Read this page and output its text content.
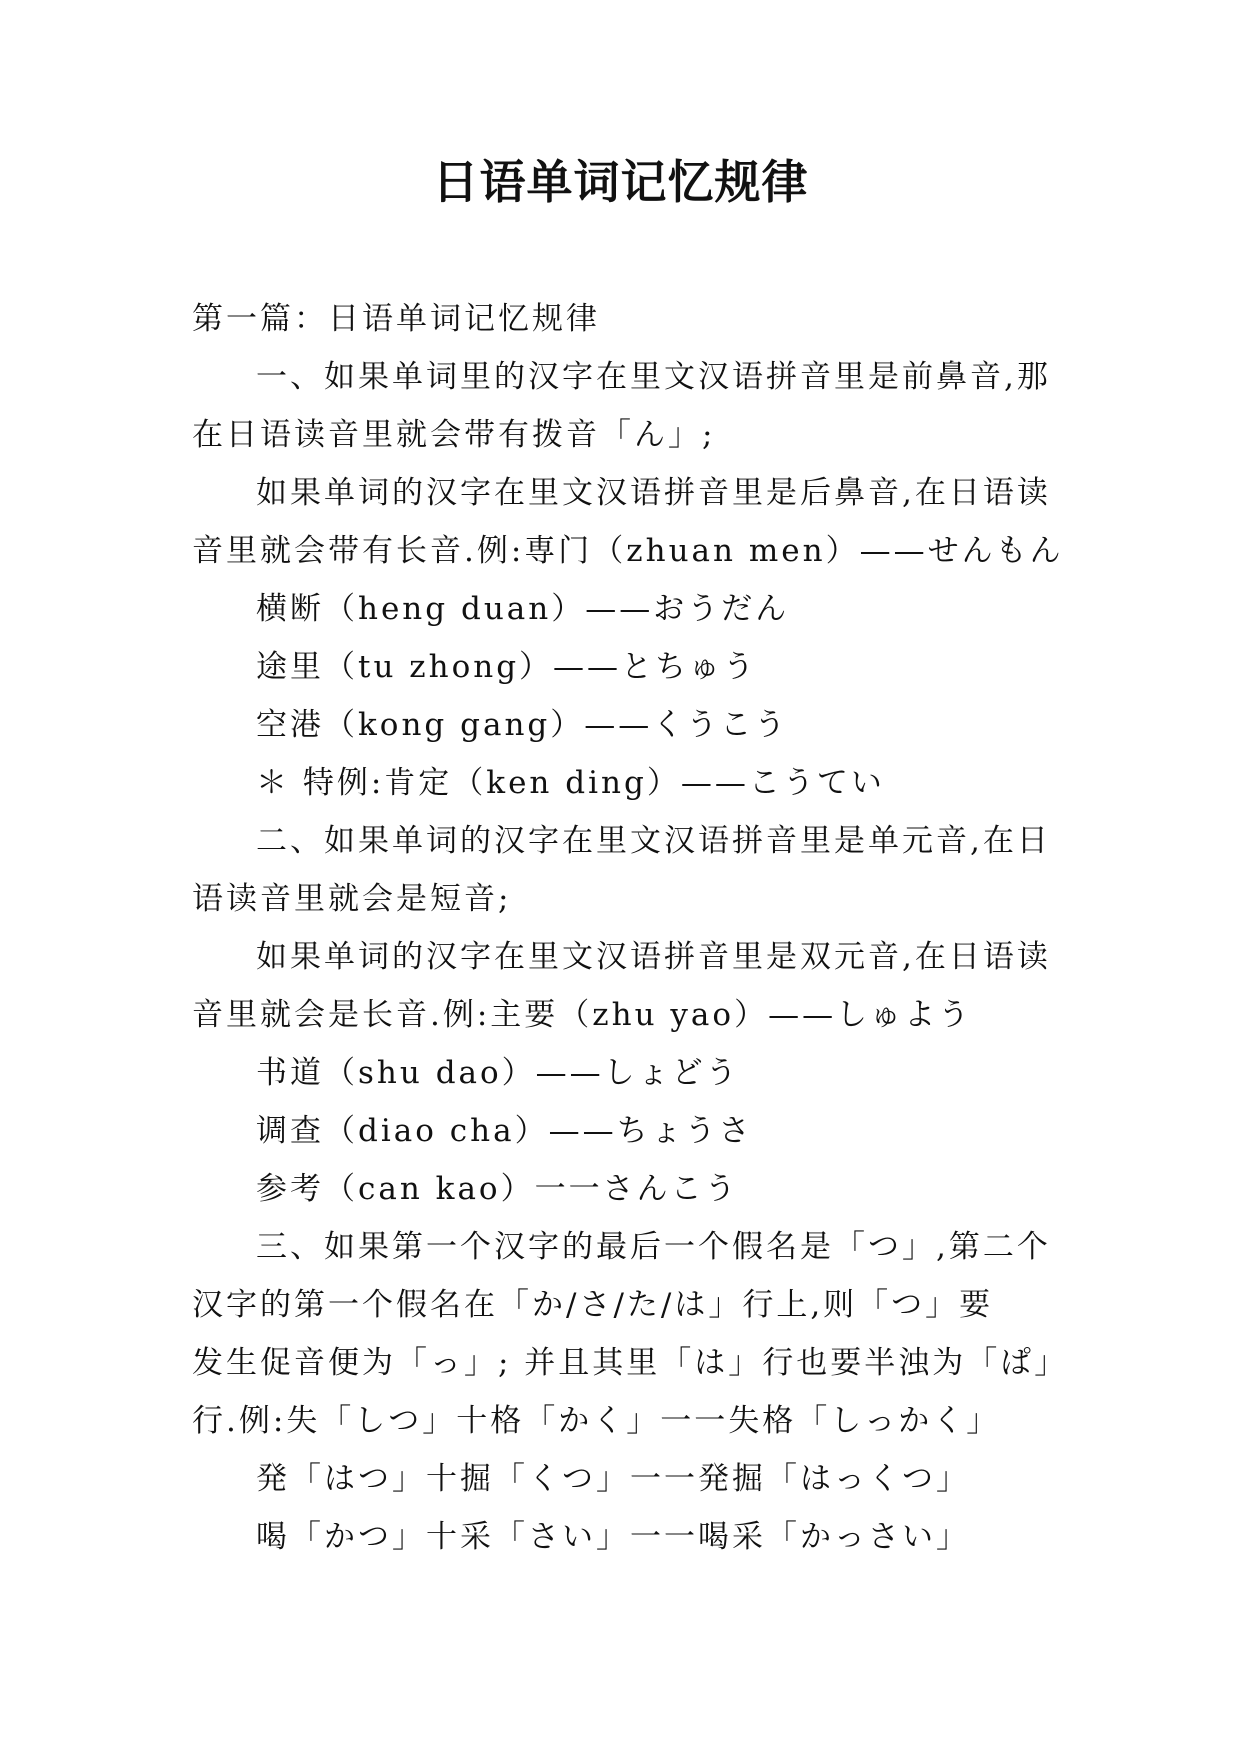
日语单词记忆规律
第一篇：日语单词记忆规律
一、如果单词里的汉字在里文汉语拼音里是前鼻音,那
在日语读音里就会带有拨音「ん」;
如果单词的汉字在里文汉语拼音里是后鼻音,在日语读
音里就会带有长音.例:専门（zhuan men）——せんもん
横断（heng duan）——おうだん
途里（tu zhong）——とちゅう
空港（kong gang）——くうこう
＊ 特例:肯定（ken ding）——こうてい
二、如果单词的汉字在里文汉语拼音里是单元音,在日
语读音里就会是短音;
如果单词的汉字在里文汉语拼音里是双元音,在日语读
音里就会是长音.例:主要（zhu yao）——しゅよう
书道（shu dao）——しょどう
调查（diao cha）——ちょうさ
参考（can kao）一一さんこう
三、如果第一个汉字的最后一个假名是「つ」,第二个
汉字的第一个假名在「か/さ/た/は」行上,则「つ」要
发生促音便为「っ」; 并且其里「は」行也要半浊为「ぱ」
行.例:失「しつ」十格「かく」一一失格「しっかく」
発「はつ」十掘「くつ」一一発掘「はっくつ」
喝「かつ」十采「さい」一一喝采「かっさい」
